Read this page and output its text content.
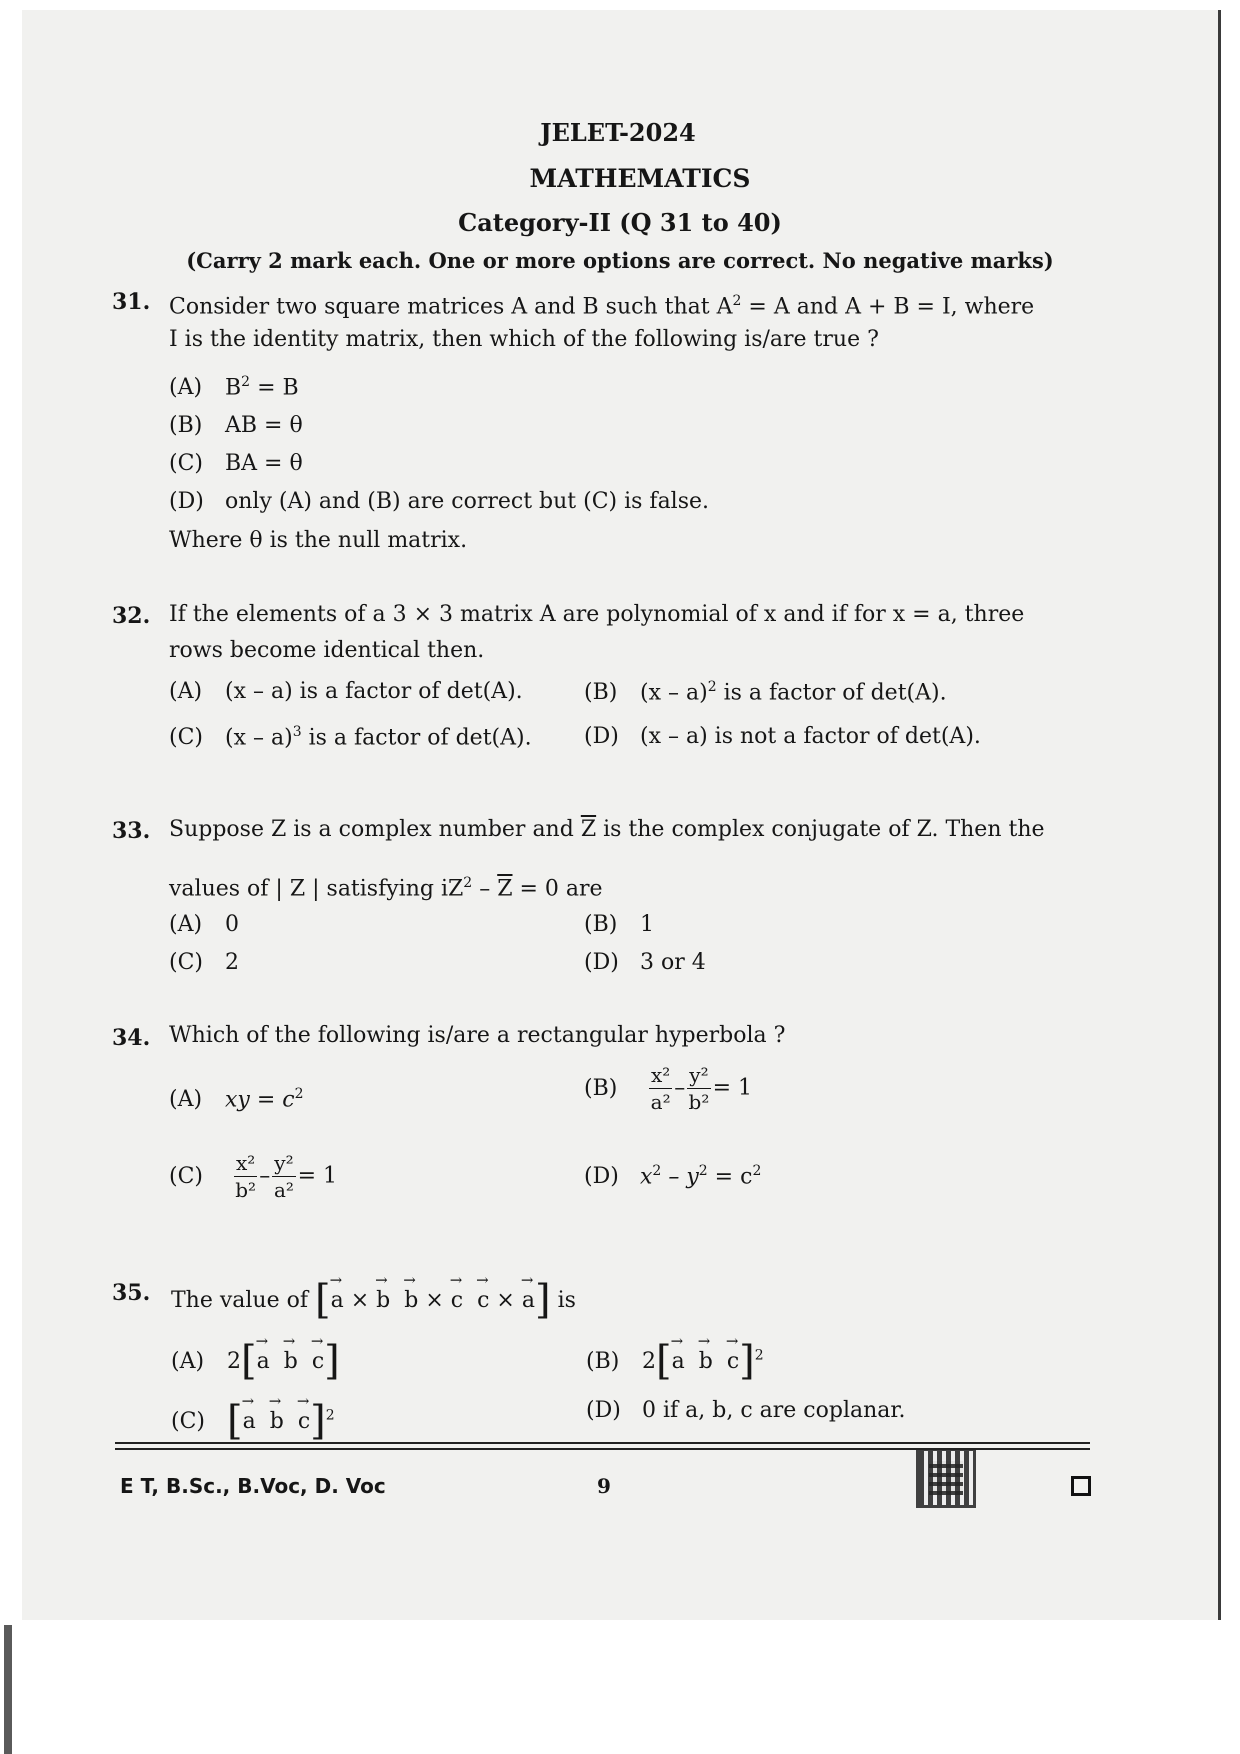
JELET-2024
MATHEMATICS
Category-II (Q 31 to 40)
(Carry 2 mark each. One or more options are correct. No negative marks)
31. Consider two square matrices A and B such that $A^2 = A$ and A + B = I, where
I is the identity matrix, then which of the following is/are true ?
(A) $B^2 = B$
(B) AB = θ
(C) BA = θ
(D) only (A) and (B) are correct but (C) is false.
Where θ is the null matrix.
32. If the elements of a 3 × 3 matrix A are polynomial of x and if for x = a, three
rows become identical then.
(A) (x – a) is a factor of det(A).	(B) (x – a)$^2$ is a factor of det(A).
(C) (x – a)$^3$ is a factor of det(A). (D) (x – a) is not a factor of det(A).
33. Suppose Z is a complex number and $\overline{Z}$ is the complex conjugate of Z. Then the
values of | Z | satisfying $iZ^2 - \overline{Z} = 0$ are
(A) 0	(B) 1
(C) 2	(D) 3 or 4
34. Which of the following is/are a rectangular hyperbola ?
(A) xy = $c^2$	$(B) \frac{\text{x²}}{\text{a²}} - \frac{\text{y²}}{\text{b²}} = 1$
$(C) \frac{\text{x²}}{\text{b²}} - \frac{\text{y²}}{\text{a²}} = 1$	(D) $x^2 - y^2 = c^2$
35. The value of [→ a × → b → b × → c → c × → a] is
(A) 2[→ a → b → c]	(B) $2[\to a \to b \to c]^2$
(C) [→ a → b → c]$^2$	(D) 0 if a, b, c are coplanar.
E T, B.Sc., B.Voc, D. Voc	9
